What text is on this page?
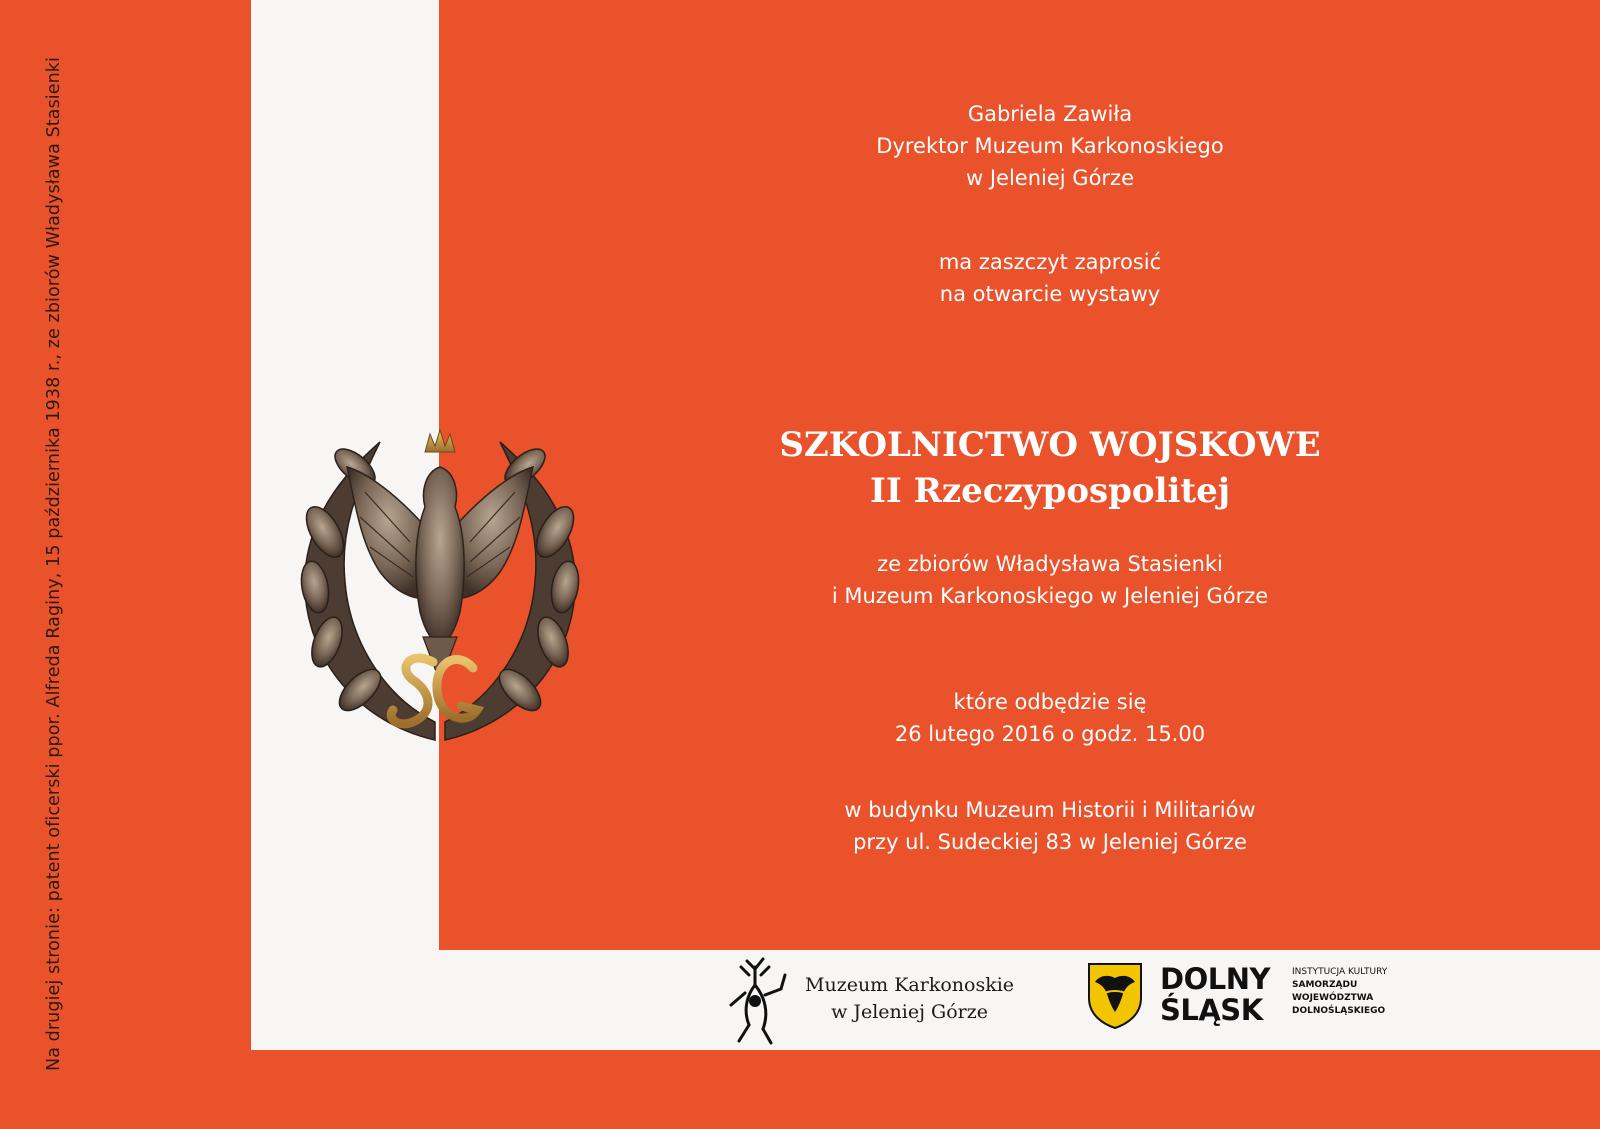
Na drugiej stronie: patent oficerski ppor. Alfreda Raginy, 15 października 1938 r., ze zbiorów Władysława Stasienki	Gabriela Zawiła
Dyrektor Muzeum Karkonoskiego
w Jeleniej Górze
ma zaszczyt zaprosić
na otwarcie wystawy
SZKOLNICTWO WOJSKOWE
II Rzeczypospolitej
ze zbiorów Władysława Stasienki
i Muzeum Karkonoskiego w Jeleniej Górze
które odbędzie się
26 lutego 2016 o godz. 15.00
w budynku Muzeum Historii i Militariów
przy ul. Sudeckiej 83 w Jeleniej Górze
SG
Muzeum Karkonoskie
w Jeleniej Górze
DOLNY
ŚLĄSK
INSTYTUCJA KULTURY
SAMORZĄDU
WOJEWÓDZTWA
DOLNOŚLĄSKIEGO
